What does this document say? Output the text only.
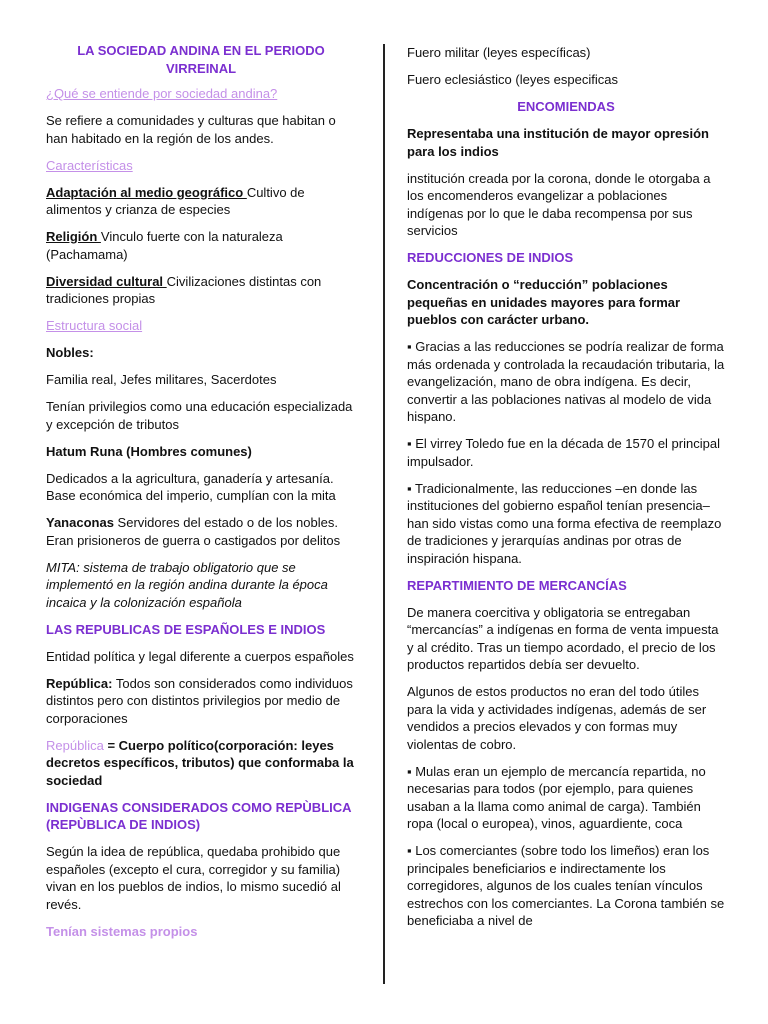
LA SOCIEDAD ANDINA EN EL PERIODO VIRREINAL

¿Qué se entiende por sociedad andina?

Se refiere a comunidades y culturas que habitan o han habitado en la región de los andes.

Características

Adaptación al medio geográfico Cultivo de alimentos y crianza de especies

Religión Vinculo fuerte con la naturaleza (Pachamama)

Diversidad cultural Civilizaciones distintas con tradiciones propias

Estructura social

Nobles:

Familia real, Jefes militares, Sacerdotes

Tenían privilegios como una educación especializada y excepción de tributos

Hatum Runa (Hombres comunes)

Dedicados a la agricultura, ganadería y artesanía. Base económica del imperio, cumplían con la mita

Yanaconas Servidores del estado o de los nobles. Eran prisioneros de guerra o castigados por delitos

MITA: sistema de trabajo obligatorio que se implementó en la región andina durante la época incaica y la colonización española

LAS REPUBLICAS DE ESPAÑOLES E INDIOS

Entidad política y legal diferente a cuerpos españoles

República: Todos son considerados como individuos distintos pero con distintos privilegios por medio de corporaciones

República = Cuerpo político(corporación: leyes decretos específicos, tributos) que conformaba la sociedad

INDIGENAS CONSIDERADOS COMO REPÙBLICA (REPÙBLICA DE INDIOS)

Según la idea de república, quedaba prohibido que españoles (excepto el cura, corregidor y su familia) vivan en los pueblos de indios, lo mismo sucedió al revés.

Tenían sistemas propios

Fuero militar (leyes específicas)

Fuero eclesiástico (leyes especificas

ENCOMIENDAS

Representaba una institución de mayor opresión para los indios

institución creada por la corona, donde le otorgaba a los encomenderos evangelizar a poblaciones indígenas por lo que le daba recompensa por sus servicios

REDUCCIONES DE INDIOS

Concentración o “reducción” poblaciones pequeñas en unidades mayores para formar pueblos con carácter urbano.

▪ Gracias a las reducciones se podría realizar de forma más ordenada y controlada la recaudación tributaria, la evangelización, mano de obra indígena. Es decir, convertir a las poblaciones nativas al modelo de vida hispano.

▪ El virrey Toledo fue en la década de 1570 el principal impulsador.

▪ Tradicionalmente, las reducciones –en donde las instituciones del gobierno español tenían presencia– han sido vistas como una forma efectiva de reemplazo de tradiciones y jerarquías andinas por otras de inspiración hispana.

REPARTIMIENTO DE MERCANCÍAS

De manera coercitiva y obligatoria se entregaban “mercancías” a indígenas en forma de venta impuesta y al crédito. Tras un tiempo acordado, el precio de los productos repartidos debía ser devuelto.

Algunos de estos productos no eran del todo útiles para la vida y actividades indígenas, además de ser vendidos a precios elevados y con formas muy violentas de cobro.

▪ Mulas eran un ejemplo de mercancía repartida, no necesarias para todos (por ejemplo, para quienes usaban a la llama como animal de carga). También ropa (local o europea), vinos, aguardiente, coca

▪ Los comerciantes (sobre todo los limeños) eran los principales beneficiarios e indirectamente los corregidores, algunos de los cuales tenían vínculos estrechos con los comerciantes. La Corona también se beneficiaba a nivel de
